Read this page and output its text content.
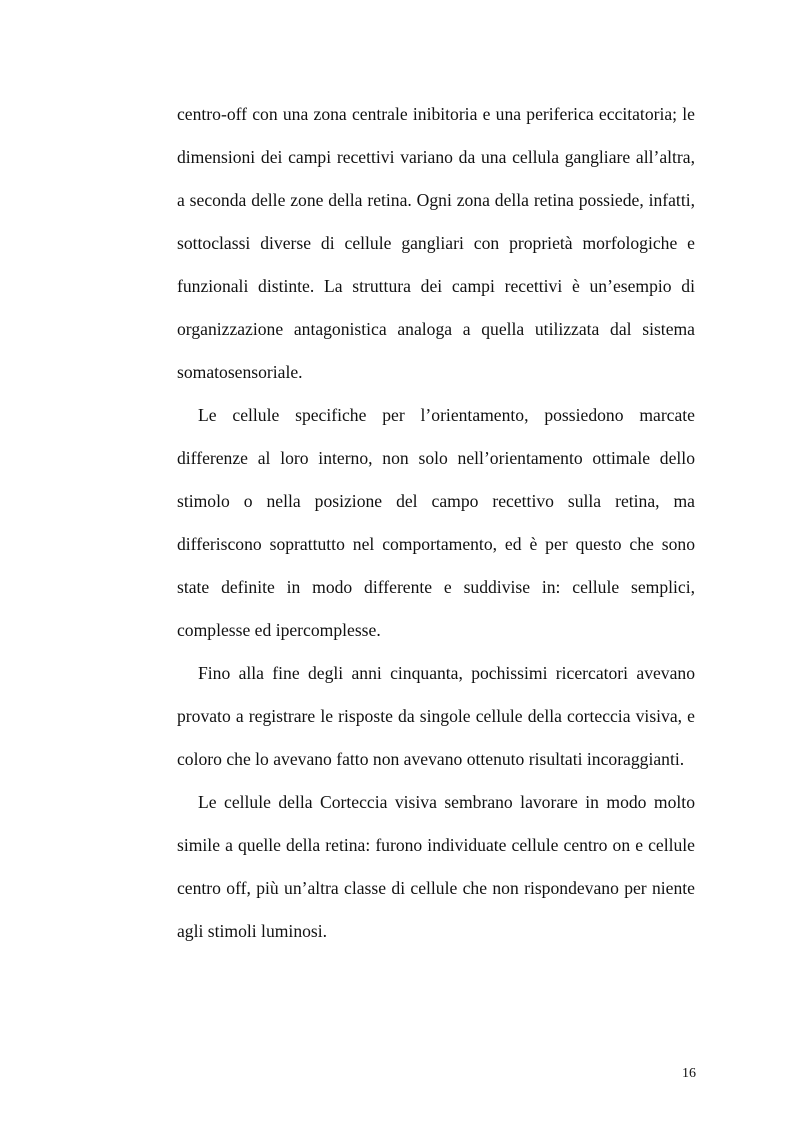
centro-off con una zona centrale inibitoria e una periferica eccitatoria; le dimensioni dei campi recettivi variano da una cellula gangliare all’altra, a seconda delle zone della retina. Ogni zona della retina possiede, infatti, sottoclassi diverse di cellule gangliari con proprietà morfologiche e funzionali distinte. La struttura dei campi recettivi è un’esempio di organizzazione antagonistica analoga a quella utilizzata dal sistema somatosensoriale.

Le cellule specifiche per l’orientamento, possiedono marcate differenze al loro interno, non solo nell’orientamento ottimale dello stimolo o nella posizione del campo recettivo sulla retina, ma differiscono soprattutto nel comportamento, ed è per questo che sono state definite in modo differente e suddivise in: cellule semplici, complesse ed ipercomplesse.

Fino alla fine degli anni cinquanta, pochissimi ricercatori avevano provato a registrare le risposte da singole cellule della corteccia visiva, e coloro che lo avevano fatto non avevano ottenuto risultati incoraggianti.

Le cellule della Corteccia visiva sembrano lavorare in modo molto simile a quelle della retina: furono individuate cellule centro on e cellule centro off, più un’altra classe di cellule che non rispondevano per niente agli stimoli luminosi.

16
